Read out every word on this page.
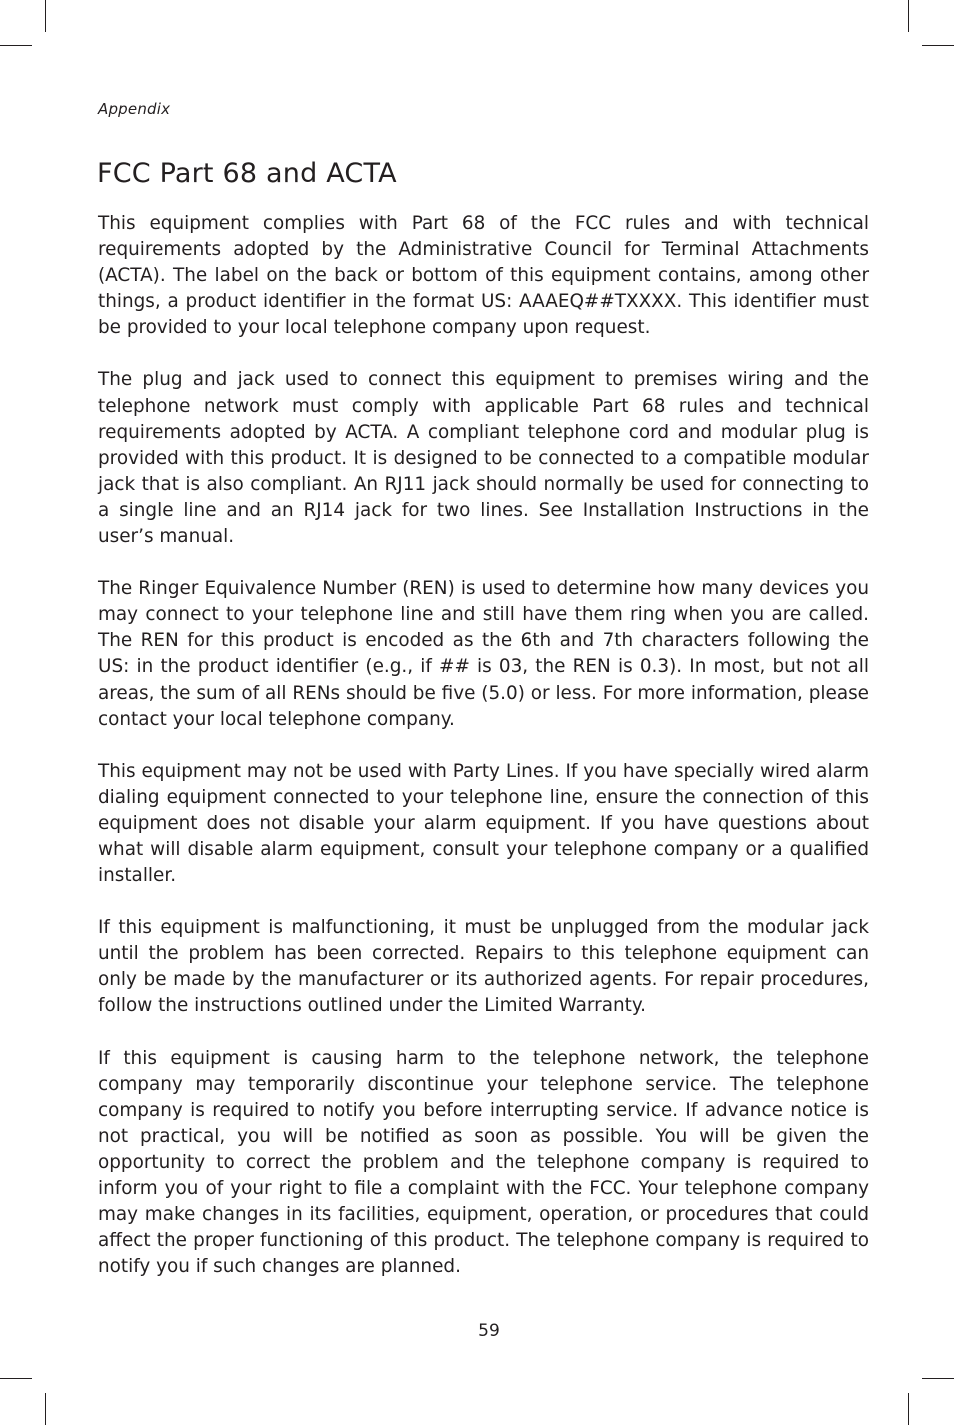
Appendix
FCC Part 68 and ACTA

This equipment complies with Part 68 of the FCC rules and with technical requirements adopted by the Administrative Council for Terminal Attachments (ACTA). The label on the back or bottom of this equipment contains, among other things, a product identifier in the format US: AAAEQ##TXXXX. This identifier must be provided to your local telephone company upon request.

The plug and jack used to connect this equipment to premises wiring and the telephone network must comply with applicable Part 68 rules and technical requirements adopted by ACTA. A compliant telephone cord and modular plug is provided with this product. It is designed to be connected to a compatible modular jack that is also compliant. An RJ11 jack should normally be used for connecting to a single line and an RJ14 jack for two lines. See Installation Instructions in the user’s manual.

The Ringer Equivalence Number (REN) is used to determine how many devices you may connect to your telephone line and still have them ring when you are called. The REN for this product is encoded as the 6th and 7th characters following the US: in the product identifier (e.g., if ## is 03, the REN is 0.3). In most, but not all areas, the sum of all RENs should be five (5.0) or less. For more information, please contact your local telephone company.

This equipment may not be used with Party Lines. If you have specially wired alarm dialing equipment connected to your telephone line, ensure the connection of this equipment does not disable your alarm equipment. If you have questions about what will disable alarm equipment, consult your telephone company or a qualified installer.

If this equipment is malfunctioning, it must be unplugged from the modular jack until the problem has been corrected. Repairs to this telephone equipment can only be made by the manufacturer or its authorized agents. For repair procedures, follow the instructions outlined under the Limited Warranty.

If this equipment is causing harm to the telephone network, the telephone company may temporarily discontinue your telephone service. The telephone company is required to notify you before interrupting service. If advance notice is not practical, you will be notified as soon as possible. You will be given the opportunity to correct the problem and the telephone company is required to inform you of your right to file a complaint with the FCC. Your telephone company may make changes in its facilities, equipment, operation, or procedures that could affect the proper functioning of this product. The telephone company is required to notify you if such changes are planned.

59
